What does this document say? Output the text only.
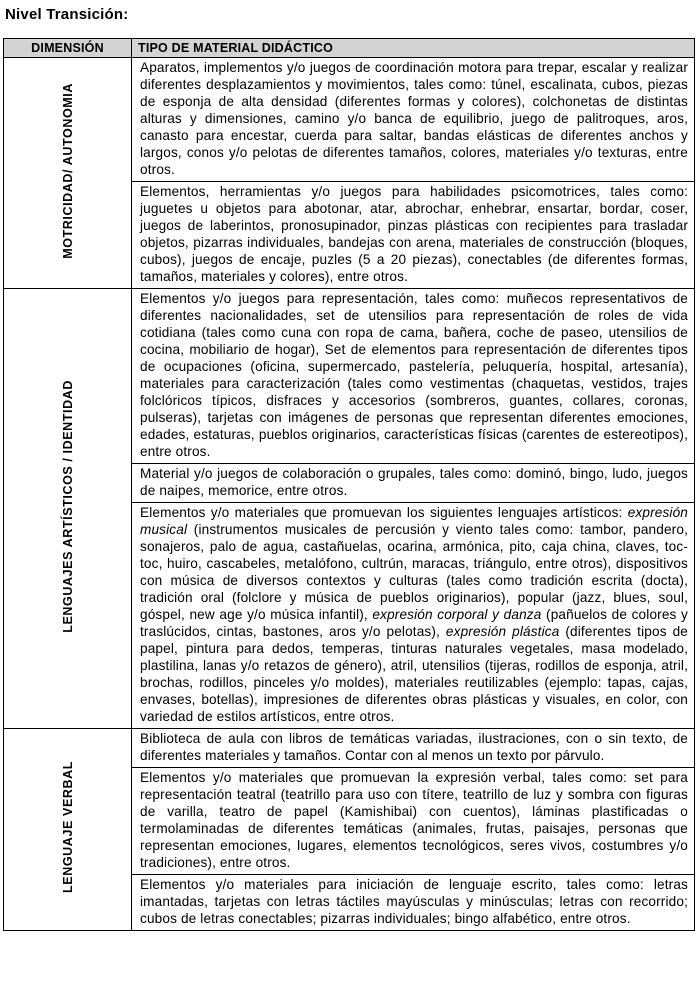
Nivel Transición:
DIMENSIÓN	TIPO DE MATERIAL DIDÁCTICO
MOTRICIDAD/ AUTONOMIA	Aparatos, implementos y/o juegos de coordinación motora para trepar, escalar y realizar diferentes desplazamientos y movimientos, tales como: túnel, escalinata, cubos, piezas de esponja de alta densidad (diferentes formas y colores), colchonetas de distintas alturas y dimensiones, camino y/o banca de equilibrio, juego de palitroques, aros, canasto para encestar, cuerda para saltar, bandas elásticas de diferentes anchos y largos, conos y/o pelotas de diferentes tamaños, colores, materiales y/o texturas, entre otros.
	Elementos, herramientas y/o juegos para habilidades psicomotrices, tales como: juguetes u objetos para abotonar, atar, abrochar, enhebrar, ensartar, bordar, coser, juegos de laberintos, pronosupinador, pinzas plásticas con recipientes para trasladar objetos, pizarras individuales, bandejas con arena, materiales de construcción (bloques, cubos), juegos de encaje, puzles (5 a 20 piezas), conectables (de diferentes formas, tamaños, materiales y colores), entre otros.
LENGUAJES ARTÍSTICOS / IDENTIDAD	Elementos y/o juegos para representación, tales como: muñecos representativos de diferentes nacionalidades, set de utensilios para representación de roles de vida cotidiana (tales como cuna con ropa de cama, bañera, coche de paseo, utensilios de cocina, mobiliario de hogar), Set de elementos para representación de diferentes tipos de ocupaciones (oficina, supermercado, pastelería, peluquería, hospital, artesanía), materiales para caracterización (tales como vestimentas (chaquetas, vestidos, trajes folclóricos típicos, disfraces y accesorios (sombreros, guantes, collares, coronas, pulseras), tarjetas con imágenes de personas que representan diferentes emociones, edades, estaturas, pueblos originarios, características físicas (carentes de estereotipos), entre otros.
	Material y/o juegos de colaboración o grupales, tales como: dominó, bingo, ludo, juegos de naipes, memorice, entre otros.
	Elementos y/o materiales que promuevan los siguientes lenguajes artísticos: expresión musical (instrumentos musicales de percusión y viento tales como: tambor, pandero, sonajeros, palo de agua, castañuelas, ocarina, armónica, pito, caja china, claves, toc-toc, huiro, cascabeles, metalófono, cultrún, maracas, triángulo, entre otros), dispositivos con música de diversos contextos y culturas (tales como tradición escrita (docta), tradición oral (folclore y música de pueblos originarios), popular (jazz, blues, soul, góspel, new age y/o música infantil), expresión corporal y danza (pañuelos de colores y traslúcidos, cintas, bastones, aros y/o pelotas), expresión plástica (diferentes tipos de papel, pintura para dedos, temperas, tinturas naturales vegetales, masa modelado, plastilina, lanas y/o retazos de género), atril, utensilios (tijeras, rodillos de esponja, atril, brochas, rodillos, pinceles y/o moldes), materiales reutilizables (ejemplo: tapas, cajas, envases, botellas), impresiones de diferentes obras plásticas y visuales, en color, con variedad de estilos artísticos, entre otros.
LENGUAJE VERBAL	Biblioteca de aula con libros de temáticas variadas, ilustraciones, con o sin texto, de diferentes materiales y tamaños. Contar con al menos un texto por párvulo.
	Elementos y/o materiales que promuevan la expresión verbal, tales como: set para representación teatral (teatrillo para uso con títere, teatrillo de luz y sombra con figuras de varilla, teatro de papel (Kamishibai) con cuentos), láminas plastificadas o termolaminadas de diferentes temáticas (animales, frutas, paisajes, personas que representan emociones, lugares, elementos tecnológicos, seres vivos, costumbres y/o tradiciones), entre otros.
	Elementos y/o materiales para iniciación de lenguaje escrito, tales como: letras imantadas, tarjetas con letras táctiles mayúsculas y minúsculas; letras con recorrido; cubos de letras conectables; pizarras individuales; bingo alfabético, entre otros.
